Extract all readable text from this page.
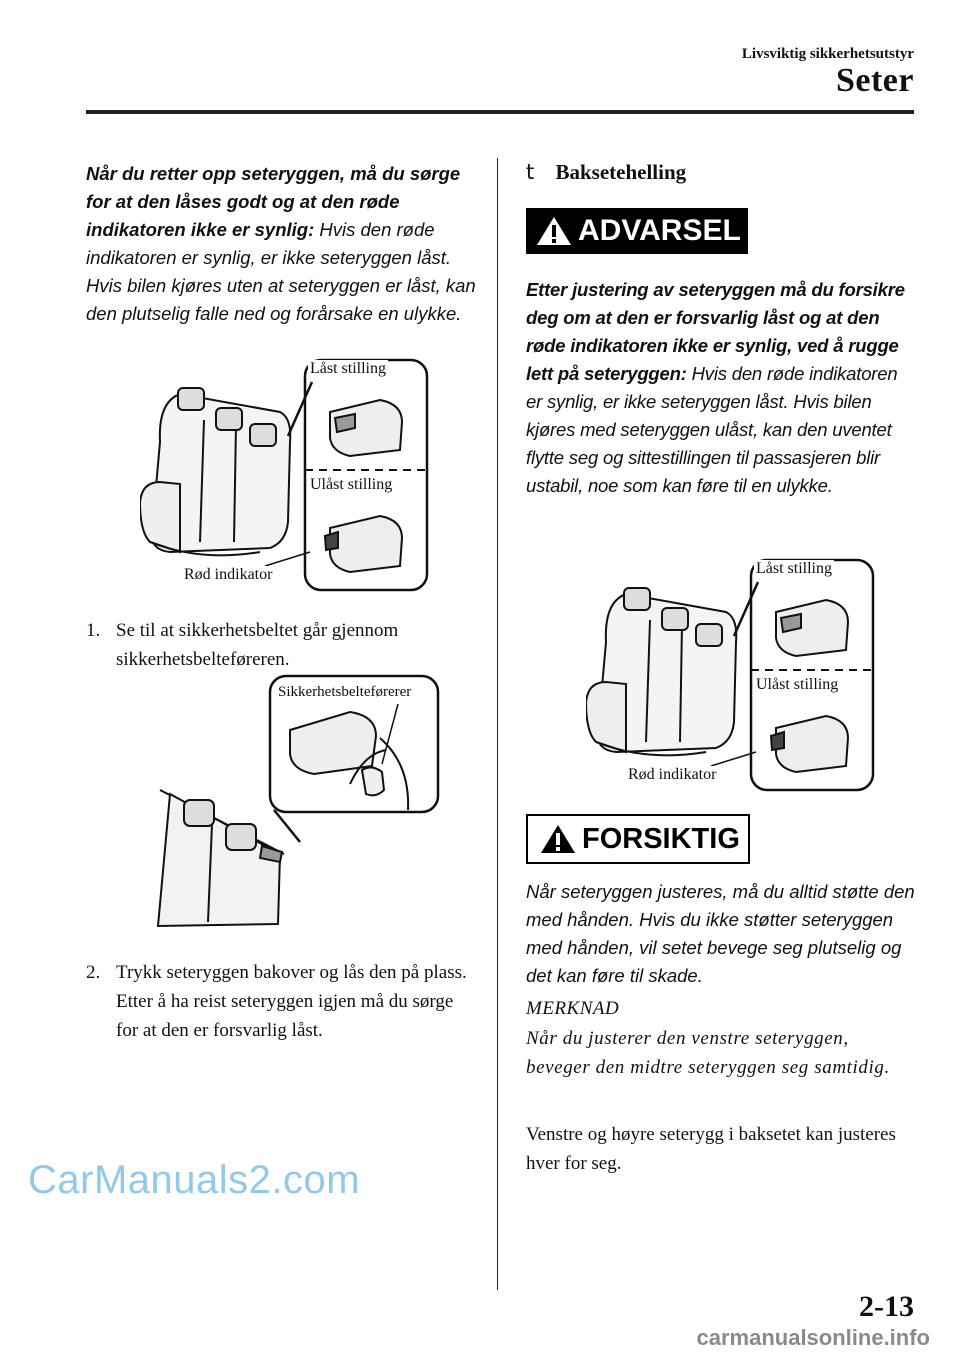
Livsviktig sikkerhetsutstyr
Seter
Når du retter opp seteryggen, må du sørge for at den låses godt og at den røde indikatoren ikke er synlig: Hvis den røde indikatoren er synlig, er ikke seteryggen låst. Hvis bilen kjøres uten at seteryggen er låst, kan den plutselig falle ned og forårsake en ulykke.
Låst stilling
Ulåst stilling
Rød indikator
1. Se til at sikkerhetsbeltet går gjennom sikkerhetsbelteføreren.
Sikkerhetsbelteførerer
2. Trykk seteryggen bakover og lås den på plass. Etter å ha reist seteryggen igjen må du sørge for at den er forsvarlig låst.
t Baksetehelling
ADVARSEL
Etter justering av seteryggen må du forsikre deg om at den er forsvarlig låst og at den røde indikatoren ikke er synlig, ved å rugge lett på seteryggen: Hvis den røde indikatoren er synlig, er ikke seteryggen låst. Hvis bilen kjøres med seteryggen ulåst, kan den uventet flytte seg og sittestillingen til passasjeren blir ustabil, noe som kan føre til en ulykke.
Låst stilling
Ulåst stilling
Rød indikator
FORSIKTIG
Når seteryggen justeres, må du alltid støtte den med hånden. Hvis du ikke støtter seteryggen med hånden, vil setet bevege seg plutselig og det kan føre til skade.
MERKNAD
Når du justerer den venstre seteryggen, beveger den midtre seteryggen seg samtidig.
Venstre og høyre seterygg i baksetet kan justeres hver for seg.
CarManuals2.com
2-13
carmanualsonline.info
